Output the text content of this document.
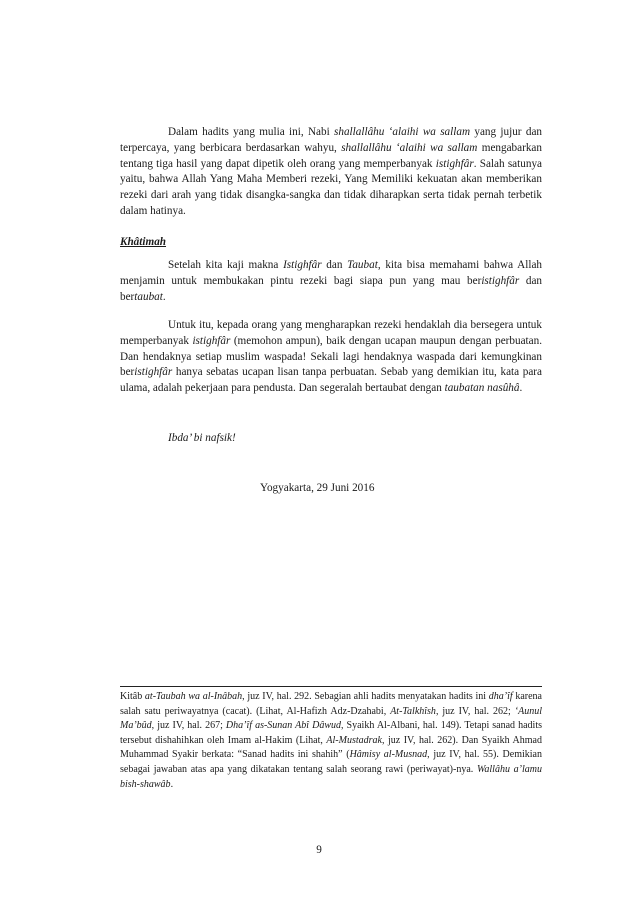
Dalam hadits yang mulia ini, Nabi shallallâhu ‘alaihi wa sallam yang jujur dan terpercaya, yang berbicara berdasarkan wahyu, shallallâhu ‘alaihi wa sallam mengabarkan tentang tiga hasil yang dapat dipetik oleh orang yang memperbanyak istighfâr. Salah satunya yaitu, bahwa Allah Yang Maha Memberi rezeki, Yang Memiliki kekuatan akan memberikan rezeki dari arah yang tidak disangka-sangka dan tidak diharapkan serta tidak pernah terbetik dalam hatinya.

Khâtimah

Setelah kita kaji makna Istighfâr dan Taubat, kita bisa memahami bahwa Allah menjamin untuk membukakan pintu rezeki bagi siapa pun yang mau beristighfâr dan bertaubat.

Untuk itu, kepada orang yang mengharapkan rezeki hendaklah dia bersegera untuk memperbanyak istighfâr (memohon ampun), baik dengan ucapan maupun dengan perbuatan. Dan hendaknya setiap muslim waspada! Sekali lagi hendaknya waspada dari kemungkinan beristighfâr hanya sebatas ucapan lisan tanpa perbuatan. Sebab yang demikian itu, kata para ulama, adalah pekerjaan para pendusta. Dan segeralah bertaubat dengan taubatan nasûhâ.

Ibda’ bi nafsik!
Yogyakarta, 29 Juni 2016
Kitâb at-Taubah wa al-Inâbah, juz IV, hal. 292. Sebagian ahli hadits menyatakan hadits ini dha’îf karena salah satu periwayatnya (cacat). (Lihat, Al-Hafizh Adz-Dzahabi, At-Talkhîsh, juz IV, hal. 262; ‘Aunul Ma’bûd, juz IV, hal. 267; Dha’îf as-Sunan Abî Dâwud, Syaikh Al-Albani, hal. 149). Tetapi sanad hadits tersebut dishahihkan oleh Imam al-Hakim (Lihat, Al-Mustadrak, juz IV, hal. 262). Dan Syaikh Ahmad Muhammad Syakir berkata: “Sanad hadits ini shahih” (Hâmisy al-Musnad, juz IV, hal. 55). Demikian sebagai jawaban atas apa yang dikatakan tentang salah seorang rawi (periwayat)-nya. Wallâhu a’lamu bish-shawâb.
9
